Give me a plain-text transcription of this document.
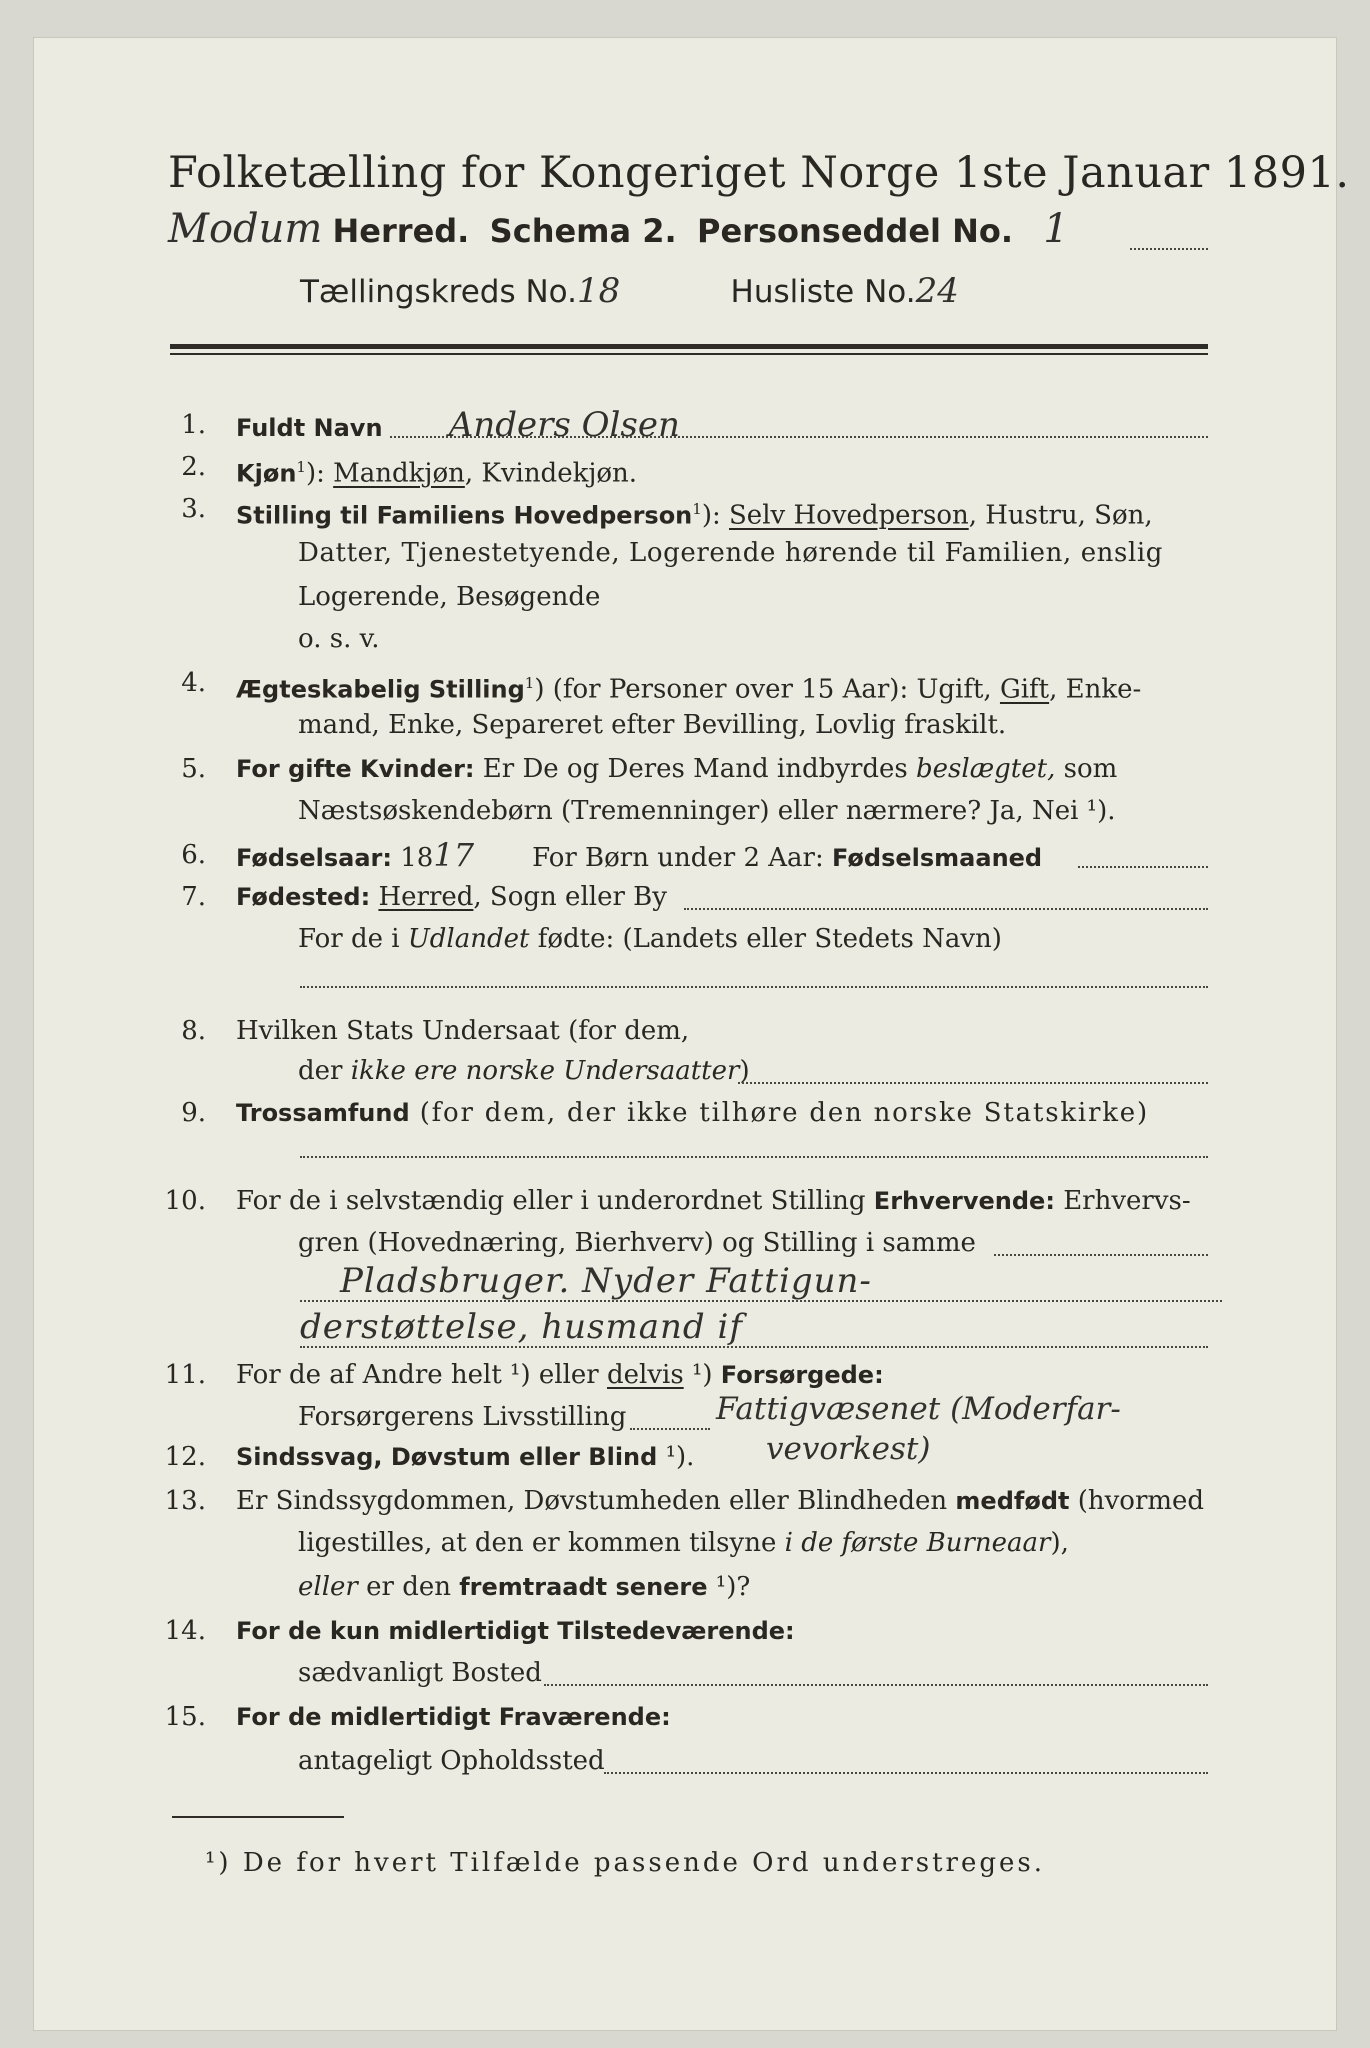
Folketælling for Kongeriget Norge 1ste Januar 1891.
Modum Herred. Schema 2. Personseddel No. 1
Tællingskreds No.18	Husliste No.24
1. Fuldt Navn Anders Olsen
2. Kjøn$^1$): Mandkjøn, Kvindekjøn.
3. Stilling til Familiens Hovedperson$^1$): Selv Hovedperson, Hustru, Søn,
Datter, Tjenestetyende, Logerende hørende til Familien, enslig
Logerende, Besøgende
o. s. v.
4. Ægteskabelig Stilling$^1$) (for Personer over 15 Aar): Ugift, Gift, Enke-
mand, Enke, Separeret efter Bevilling, Lovlig fraskilt.
5. For gifte Kvinder: Er De og Deres Mand indbyrdes beslægtet, som
Næstsøskendebørn (Tremenninger) eller nærmere? Ja, Nei ¹).
6. Fødselsaar: 1817 For Børn under 2 Aar: Fødselsmaaned
7. Fødested: Herred, Sogn eller By
For de i Udlandet fødte: (Landets eller Stedets Navn)
8. Hvilken Stats Undersaat (for dem,
der ikke ere norske Undersaatter)
9. Trossamfund (for dem, der ikke tilhøre den norske Statskirke)
10. For de i selvstændig eller i underordnet Stilling Erhvervende: Erhvervs-
gren (Hovednæring, Bierhverv) og Stilling i samme
Pladsbruger. Nyder Fattigun-
derstøttelse, husmand if
11. For de af Andre helt ¹) eller delvis ¹) Forsørgede:
Forsørgerens Livsstilling	Fattigvæsenet (Moderfar-
vevorkest)
12. Sindssvag, Døvstum eller Blind ¹).
13. Er Sindssygdommen, Døvstumheden eller Blindheden medfødt (hvormed
ligestilles, at den er kommen tilsyne i de første Burneaar),
eller er den fremtraadt senere ¹)?
14. For de kun midlertidigt Tilstedeværende:
sædvanligt Bosted
15. For de midlertidigt Fraværende:
antageligt Opholdssted
¹) De for hvert Tilfælde passende Ord understreges.
